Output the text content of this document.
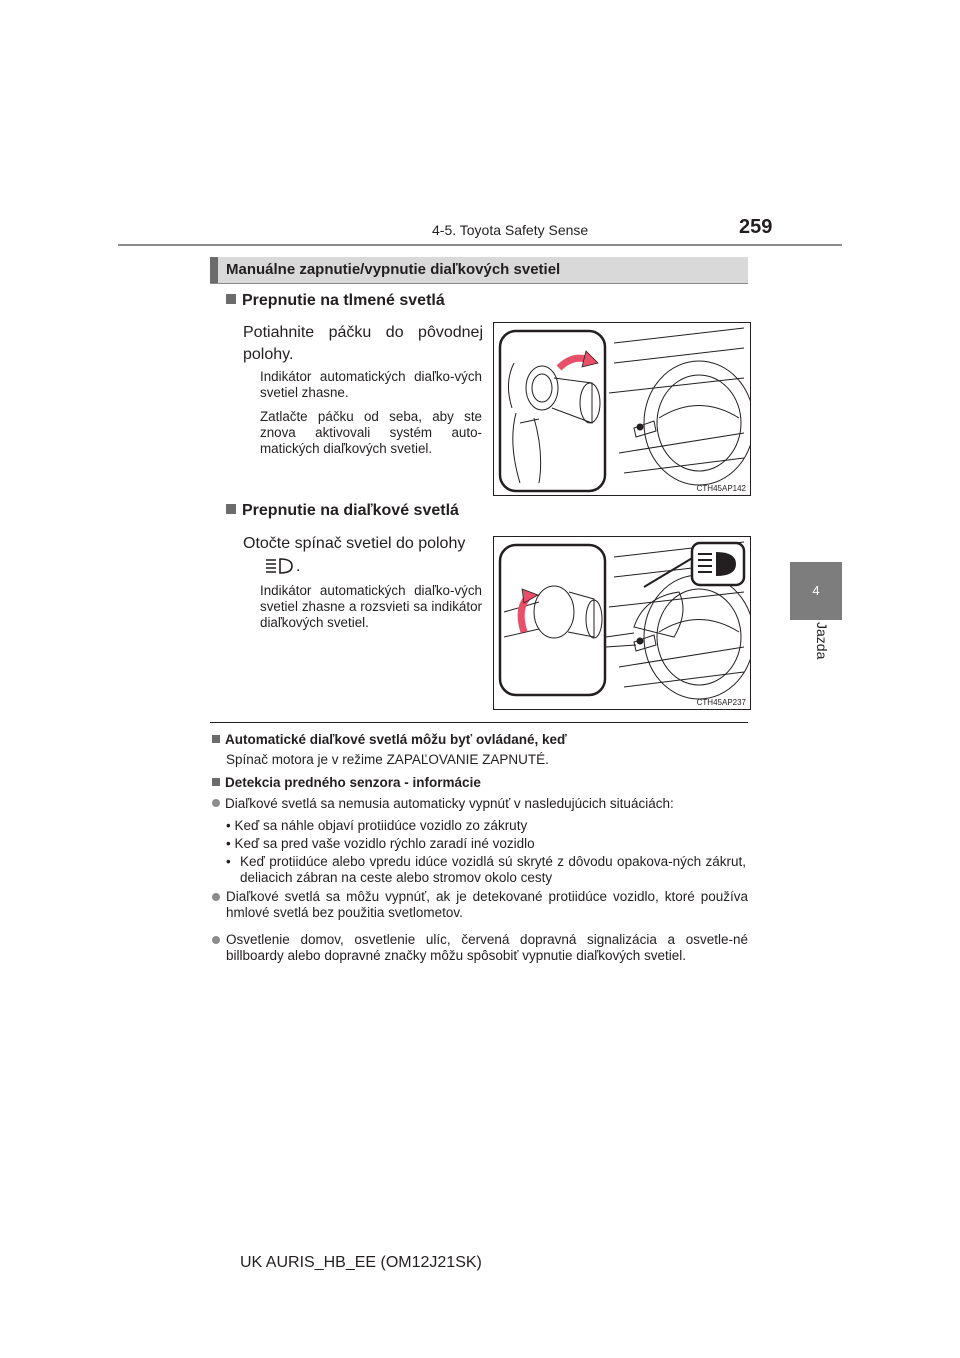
4-5. Toyota Safety Sense	259
4
Jazda
Manuálne zapnutie/vypnutie diaľkových svetiel
Prepnutie na tlmené svetlá
Potiahnite páčku do pôvodnej polohy.
Indikátor automatických diaľko-vých svetiel zhasne.
Zatlačte páčku od seba, aby ste znova aktivovali systém auto-matických diaľkových svetiel.
CTH45AP142
Prepnutie na diaľkové svetlá
Otočte spínač svetiel do polohy
.
Indikátor automatických diaľko-vých svetiel zhasne a rozsvieti sa indikátor diaľkových svetiel.
CTH45AP237
Automatické diaľkové svetlá môžu byť ovládané, keď
Spínač motora je v režime ZAPAĽOVANIE ZAPNUTÉ.
Detekcia predného senzora - informácie
Diaľkové svetlá sa nemusia automaticky vypnúť v nasledujúcich situáciách:
• Keď sa náhle objaví protiidúce vozidlo zo zákruty
• Keď sa pred vaše vozidlo rýchlo zaradí iné vozidlo
• Keď protiidúce alebo vpredu idúce vozidlá sú skryté z dôvodu opakova-ných zákrut, deliacich zábran na ceste alebo stromov okolo cesty
Diaľkové svetlá sa môžu vypnúť, ak je detekované protiidúce vozidlo, ktoré používa hmlové svetlá bez použitia svetlometov.
Osvetlenie domov, osvetlenie ulíc, červená dopravná signalizácia a osvetle-né billboardy alebo dopravné značky môžu spôsobiť vypnutie diaľkových svetiel.
UK AURIS_HB_EE (OM12J21SK)
